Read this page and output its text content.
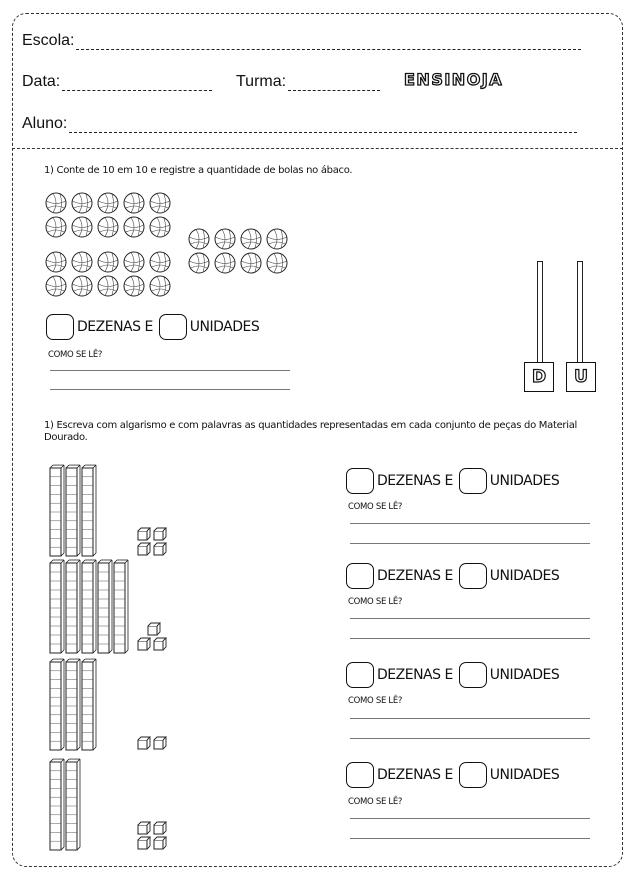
Escola:
Data:	Turma:	ENSINOJA
Aluno:
1) Conte de 10 em 10 e registre a quantidade de bolas no ábaco.
DEZENAS E	UNIDADES
COMO SE LÊ?
D	U
1) Escreva com algarismo e com palavras as quantidades representadas em cada conjunto de peças do Material
Dourado.
DEZENAS E	UNIDADES
COMO SE LÊ?
DEZENAS E	UNIDADES
COMO SE LÊ?
DEZENAS E	UNIDADES
COMO SE LÊ?
DEZENAS E	UNIDADES
COMO SE LÊ?
